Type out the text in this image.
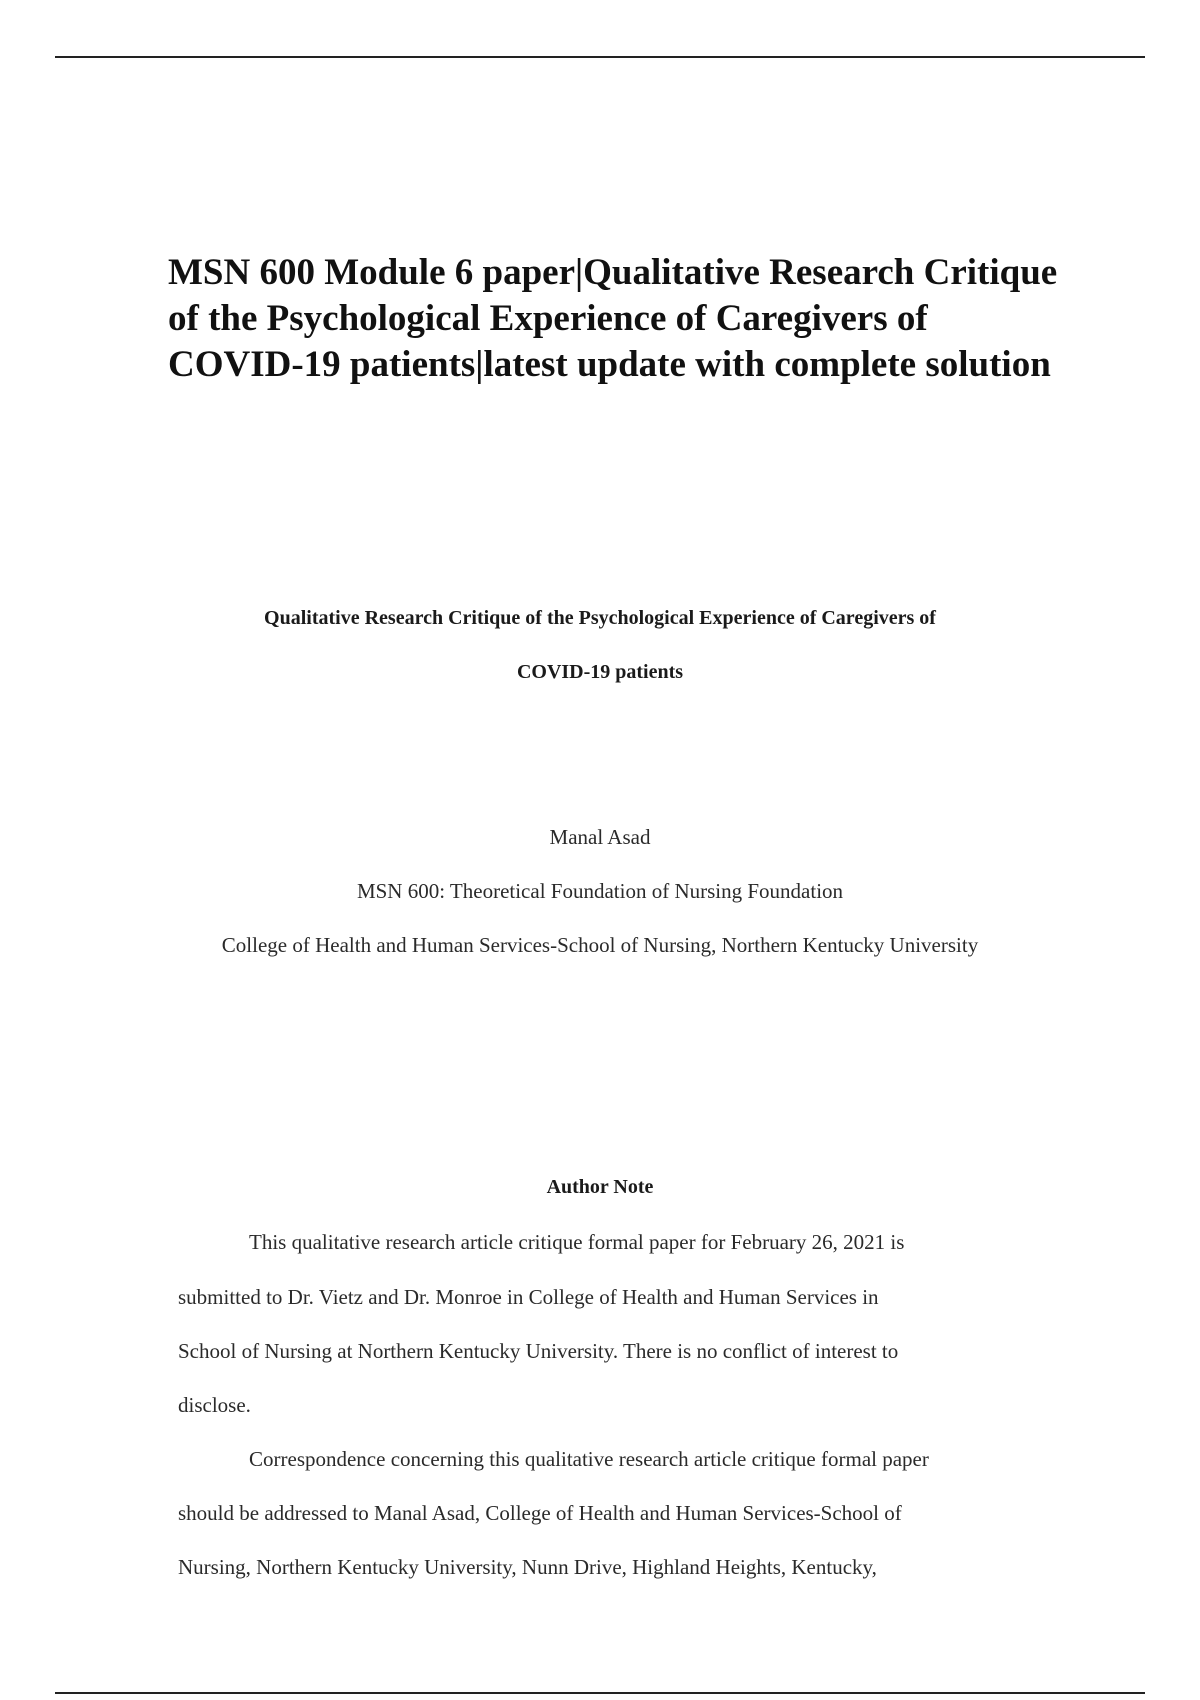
MSN 600 Module 6 paper|Qualitative Research Critique of the Psychological Experience of Caregivers of COVID-19 patients|latest update with complete solution
Qualitative Research Critique of the Psychological Experience of Caregivers of
COVID-19 patients
Manal Asad
MSN 600: Theoretical Foundation of Nursing Foundation
College of Health and Human Services-School of Nursing, Northern Kentucky University
Author Note
This qualitative research article critique formal paper for February 26, 2021 is
submitted to Dr. Vietz and Dr. Monroe in College of Health and Human Services in
School of Nursing at Northern Kentucky University. There is no conflict of interest to
disclose.
Correspondence concerning this qualitative research article critique formal paper
should be addressed to Manal Asad, College of Health and Human Services-School of
Nursing, Northern Kentucky University, Nunn Drive, Highland Heights, Kentucky,
